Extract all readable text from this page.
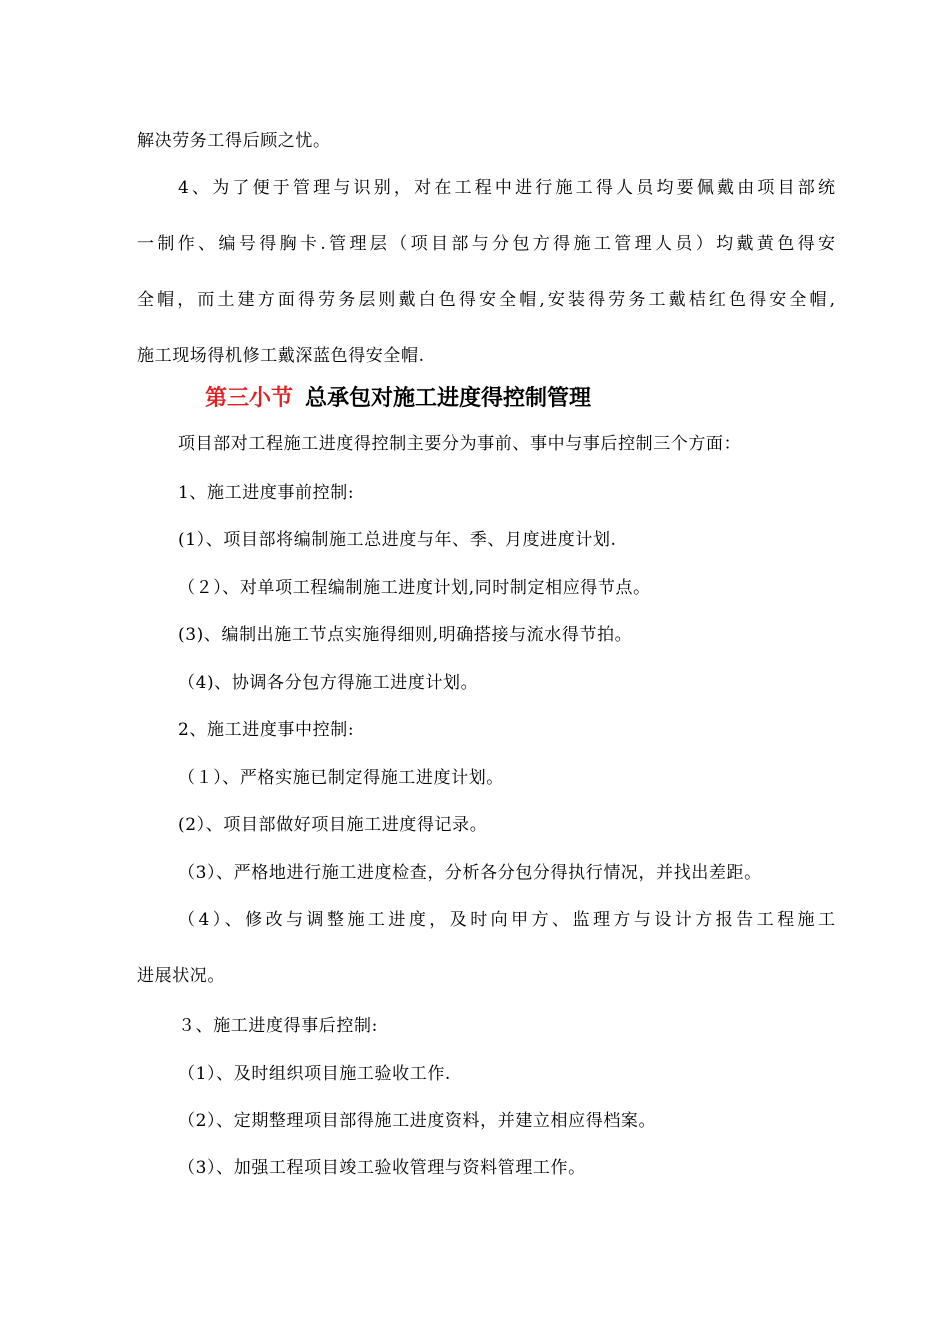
解决劳务工得后顾之忧。
4、为了便于管理与识别，对在工程中进行施工得人员均要佩戴由项目部统
一制作、编号得胸卡.管理层（项目部与分包方得施工管理人员）均戴黄色得安
全帽，而土建方面得劳务层则戴白色得安全帽,安装得劳务工戴桔红色得安全帽,
施工现场得机修工戴深蓝色得安全帽.
第三小节 总承包对施工进度得控制管理
项目部对工程施工进度得控制主要分为事前、事中与事后控制三个方面：
1、施工进度事前控制:
(1）、项目部将编制施工总进度与年、季、月度进度计划.
（２）、对单项工程编制施工进度计划,同时制定相应得节点。
(3)、编制出施工节点实施得细则,明确搭接与流水得节拍。
（4)、协调各分包方得施工进度计划。
2、施工进度事中控制:
（１）、严格实施已制定得施工进度计划。
(2）、项目部做好项目施工进度得记录。
（3）、严格地进行施工进度检查，分析各分包分得执行情况，并找出差距。
（4）、修改与调整施工进度，及时向甲方、监理方与设计方报告工程施工
进展状况。
３、施工进度得事后控制:
（1）、及时组织项目施工验收工作.
（2）、定期整理项目部得施工进度资料，并建立相应得档案。
（3）、加强工程项目竣工验收管理与资料管理工作。
